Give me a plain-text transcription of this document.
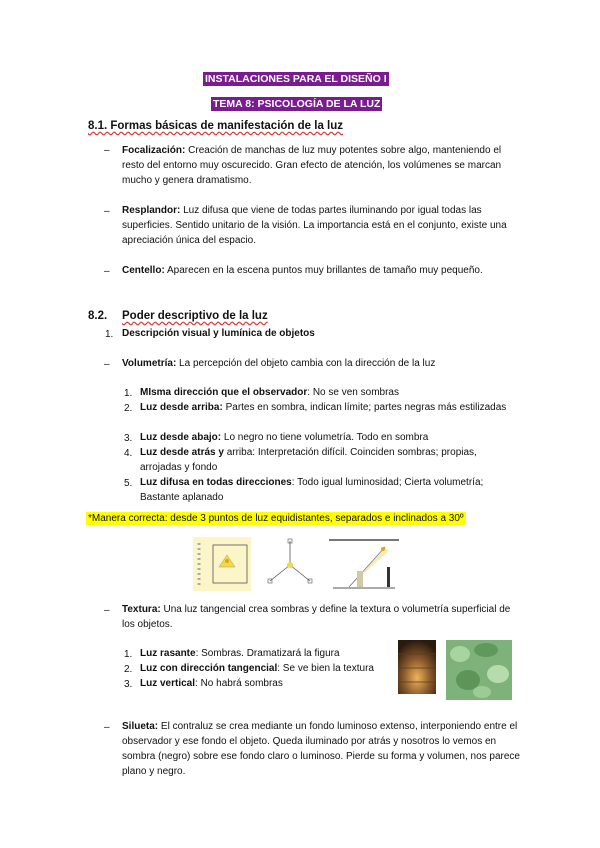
INSTALACIONES PARA EL DISEÑO I
TEMA 8: PSICOLOGÍA DE LA LUZ
8.1. Formas básicas de manifestación de la luz
– Focalización: Creación de manchas de luz muy potentes sobre algo, manteniendo el resto del entorno muy oscurecido. Gran efecto de atención, los volúmenes se marcan mucho y genera dramatismo.
– Resplandor: Luz difusa que viene de todas partes iluminando por igual todas las superficies. Sentido unitario de la visión. La importancia está en el conjunto, existe una apreciación única del espacio.
– Centello: Aparecen en la escena puntos muy brillantes de tamaño muy pequeño.
8.2. Poder descriptivo de la luz
1. Descripción visual y lumínica de objetos
– Volumetría: La percepción del objeto cambia con la dirección de la luz
1. MIsma dirección que el observador: No se ven sombras
2. Luz desde arriba: Partes en sombra, indican límite; partes negras más estilizadas
3. Luz desde abajo: Lo negro no tiene volumetría. Todo en sombra
4. Luz desde atrás y arriba: Interpretación difícil. Coinciden sombras; propias, arrojadas y fondo
5. Luz difusa en todas direcciones: Todo igual luminosidad; Cierta volumetría; Bastante aplanado
*Manera correcta: desde 3 puntos de luz equidistantes, separados e inclinados a 30º
– Textura: Una luz tangencial crea sombras y define la textura o volumetría superficial de los objetos.
1. Luz rasante: Sombras. Dramatizará la figura
2. Luz con dirección tangencial: Se ve bien la textura
3. Luz vertical: No habrá sombras
– Silueta: El contraluz se crea mediante un fondo luminoso extenso, interponiendo entre el observador y ese fondo el objeto. Queda iluminado por atrás y nosotros lo vemos en sombra (negro) sobre ese fondo claro o luminoso. Pierde su forma y volumen, nos parece plano y negro.
